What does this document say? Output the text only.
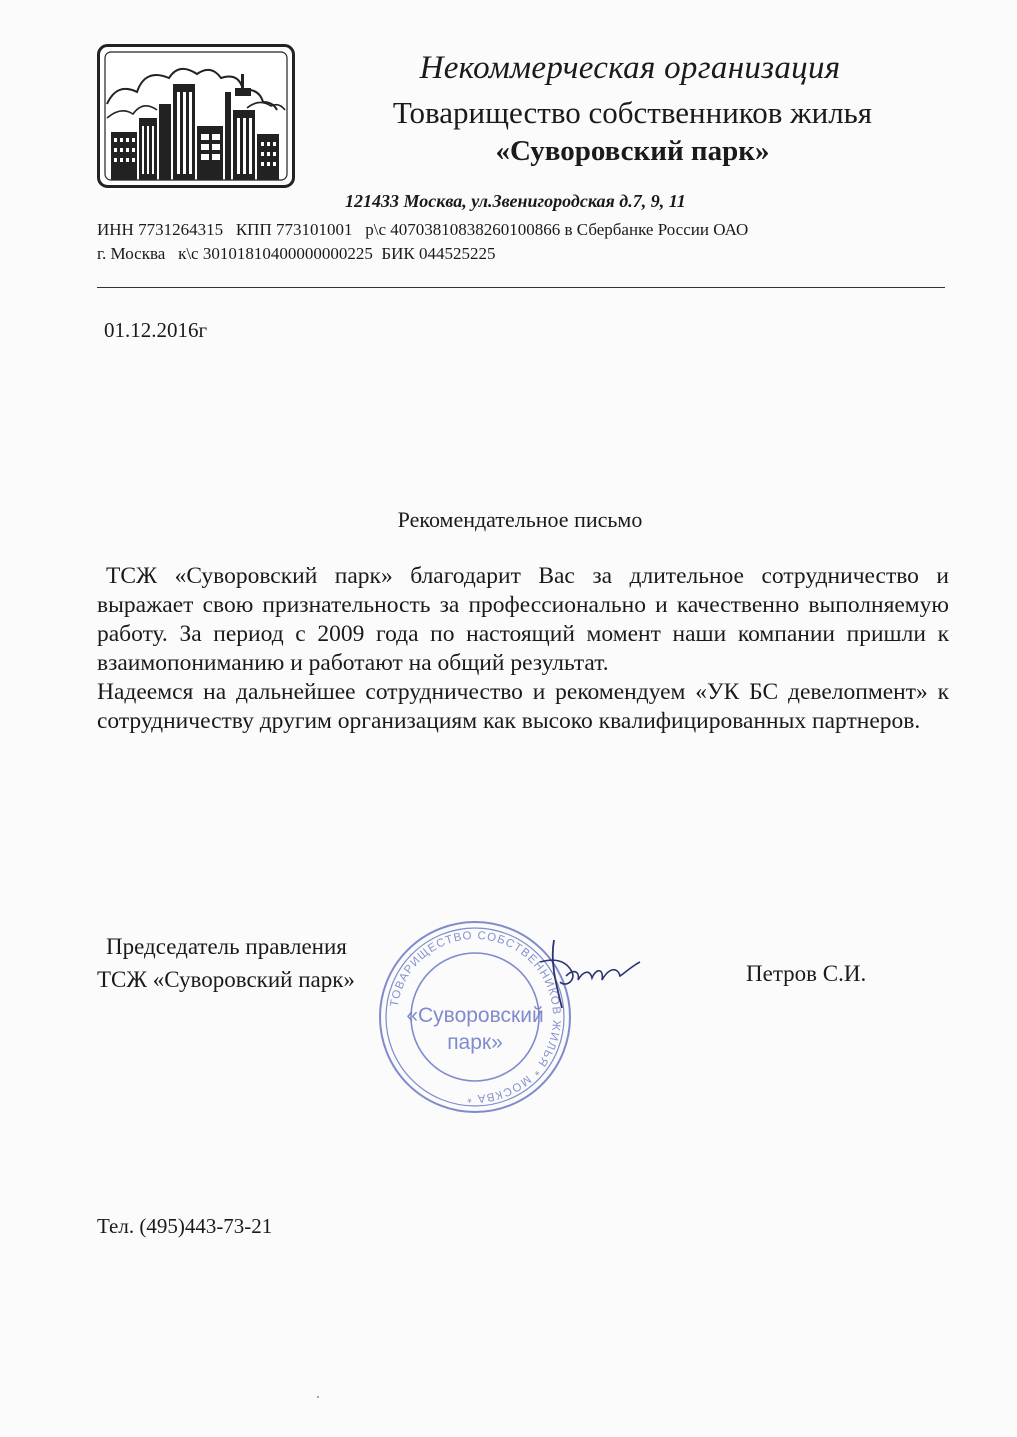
Некоммерческая организация
Товарищество собственников жилья
«Суворовский парк»
121433 Москва, ул.Звенигородская д.7, 9, 11
ИНН 7731264315   КПП 773101001   р\с 40703810838260100866 в Сбербанке России ОАО
г. Москва   к\с 30101810400000000225  БИК 044525225
01.12.2016г
Рекомендательное письмо

ТСЖ «Суворовский парк» благодарит Вас за длительное сотрудничество и выражает свою признательность за профессионально и качественно выполняемую работу. За период с 2009 года по настоящий момент наши компании пришли к взаимопониманию и работают на общий результат.

Надеемся на дальнейшее сотрудничество и рекомендуем «УК БС девелопмент» к сотрудничеству другим организациям как высоко квалифицированных партнеров.

Председатель правления
ТСЖ «Суворовский парк»	Петров С.И.
ТОВАРИЩЕСТВО СОБСТВЕННИКОВ ЖИЛЬЯ * МОСКВА *
«Суворовский
парк»
Тел. (495)443-73-21
